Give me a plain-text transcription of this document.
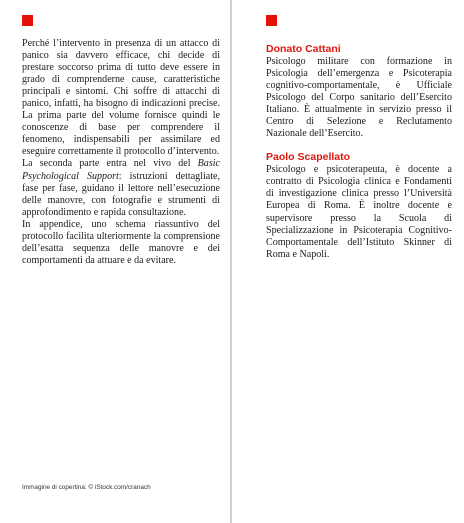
Perché l’intervento in presenza di un attacco di panico sia davvero efficace, chi decide di prestare soccorso prima di tutto deve essere in grado di comprenderne cause, caratteristiche principali e sintomi. Chi soffre di attacchi di panico, infatti, ha bisogno di indicazioni precise. La prima parte del volume fornisce quindi le conoscenze di base per comprendere il fenomeno, indispensabili per assimilare ed eseguire correttamente il protocollo d’intervento.

La seconda parte entra nel vivo del Basic Psychological Support: istruzioni dettagliate, fase per fase, guidano il lettore nell’esecuzione delle manovre, con fotografie e strumenti di approfondimento e rapida consultazione.

In appendice, uno schema riassuntivo del protocollo facilita ulteriormente la comprensione dell’esatta sequenza delle manovre e dei comportamenti da attuare e da evitare.

Immagine di copertina: © iStock.com/cranach

Donato Cattani

Psicologo militare con formazione in Psicologia dell’emergenza e Psicoterapia cognitivo-comportamentale, è Ufficiale Psicologo del Corpo sanitario dell’Esercito Italiano. È attualmente in servizio presso il Centro di Selezione e Reclutamento Nazionale dell’Esercito.

Paolo Scapellato

Psicologo e psicoterapeuta, è docente a contratto di Psicologia clinica e Fondamenti di investigazione clinica presso l’Università Europea di Roma. È inoltre docente e supervisore presso la Scuola di Specializzazione in Psicoterapia Cognitivo-Comportamentale dell’Istituto Skinner di Roma e Napoli.
